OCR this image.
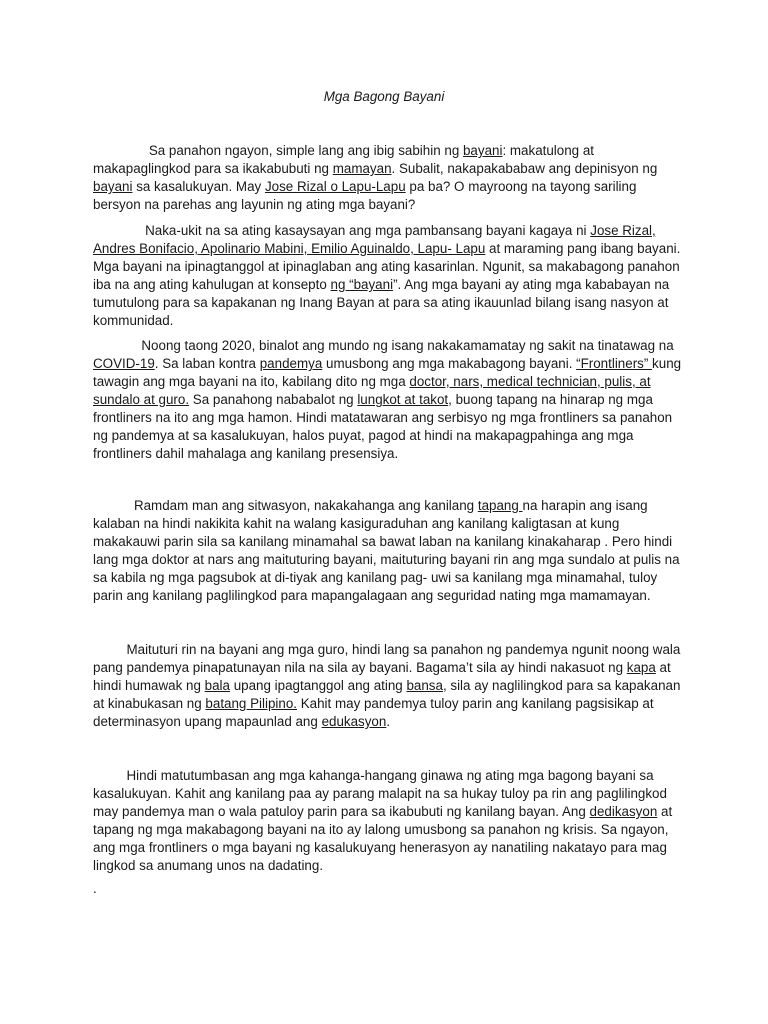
Mga Bagong Bayani

Sa panahon ngayon, simple lang ang ibig sabihin ng bayani: makatulong at makapaglingkod para sa ikakabubuti ng mamayan. Subalit, nakapakababaw ang depinisyon ng bayani sa kasalukuyan. May Jose Rizal o Lapu-Lapu pa ba? O mayroong na tayong sariling bersyon na parehas ang layunin ng ating mga bayani?

Naka-ukit na sa ating kasaysayan ang mga pambansang bayani kagaya ni Jose Rizal, Andres Bonifacio, Apolinario Mabini, Emilio Aguinaldo, Lapu- Lapu at maraming pang ibang bayani. Mga bayani na ipinagtanggol at ipinaglaban ang ating kasarinlan. Ngunit, sa makabagong panahon iba na ang ating kahulugan at konsepto ng “bayani”. Ang mga bayani ay ating mga kababayan na tumutulong para sa kapakanan ng Inang Bayan at para sa ating ikauunlad bilang isang nasyon at kommunidad.

Noong taong 2020, binalot ang mundo ng isang nakakamamatay ng sakit na tinatawag na COVID-19. Sa laban kontra pandemya umusbong ang mga makabagong bayani. “Frontliners” kung tawagin ang mga bayani na ito, kabilang dito ng mga doctor, nars, medical technician, pulis, at sundalo at guro. Sa panahong nababalot ng lungkot at takot, buong tapang na hinarap ng mga frontliners na ito ang mga hamon. Hindi matatawaran ang serbisyo ng mga frontliners sa panahon ng pandemya at sa kasalukuyan, halos puyat, pagod at hindi na makapagpahinga ang mga frontliners dahil mahalaga ang kanilang presensiya.

Ramdam man ang sitwasyon, nakakahanga ang kanilang tapang na harapin ang isang kalaban na hindi nakikita kahit na walang kasiguraduhan ang kanilang kaligtasan at kung makakauwi parin sila sa kanilang minamahal sa bawat laban na kanilang kinakaharap . Pero hindi lang mga doktor at nars ang maituturing bayani, maituturing bayani rin ang mga sundalo at pulis na sa kabila ng mga pagsubok at di-tiyak ang kanilang pag- uwi sa kanilang mga minamahal, tuloy parin ang kanilang paglilingkod para mapangalagaan ang seguridad nating mga mamamayan.

Maituturi rin na bayani ang mga guro, hindi lang sa panahon ng pandemya ngunit noong wala pang pandemya pinapatunayan nila na sila ay bayani. Bagama’t sila ay hindi nakasuot ng kapa at hindi humawak ng bala upang ipagtanggol ang ating bansa, sila ay naglilingkod para sa kapakanan at kinabukasan ng batang Pilipino. Kahit may pandemya tuloy parin ang kanilang pagsisikap at determinasyon upang mapaunlad ang edukasyon.

Hindi matutumbasan ang mga kahanga-hangang ginawa ng ating mga bagong bayani sa kasalukuyan. Kahit ang kanilang paa ay parang malapit na sa hukay tuloy pa rin ang paglilingkod may pandemya man o wala patuloy parin para sa ikabubuti ng kanilang bayan. Ang dedikasyon at tapang ng mga makabagong bayani na ito ay lalong umusbong sa panahon ng krisis. Sa ngayon, ang mga frontliners o mga bayani ng kasalukuyang henerasyon ay nanatiling nakatayo para mag lingkod sa anumang unos na dadating.

.
